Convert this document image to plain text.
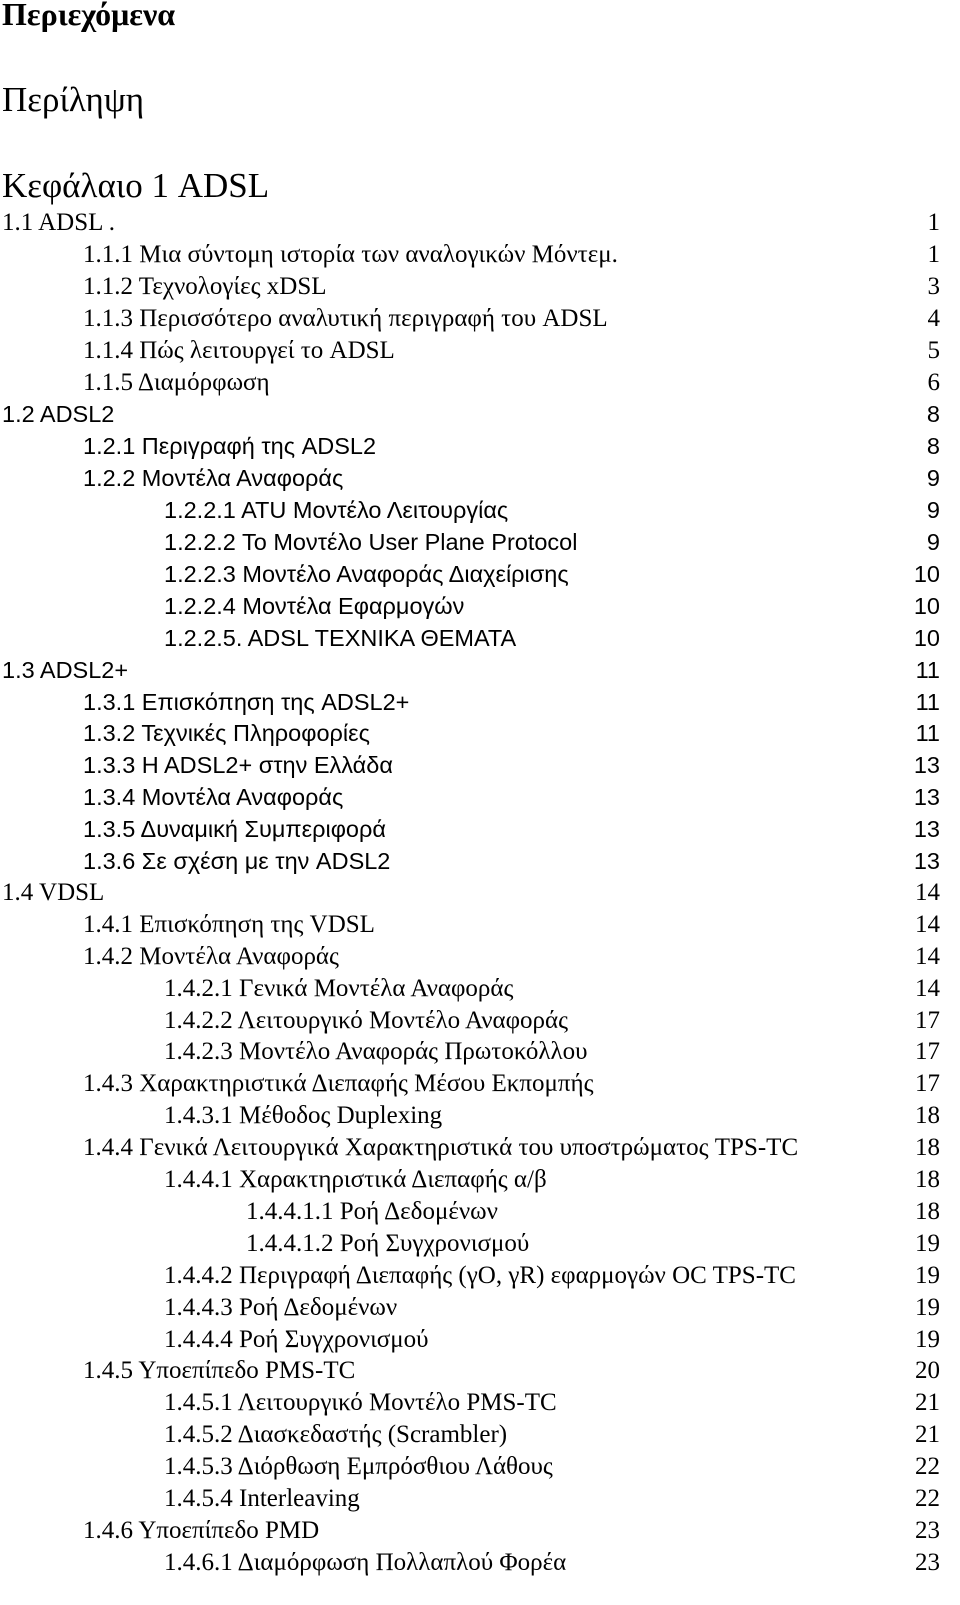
Περιεχόμενα
Περίληψη
Κεφάλαιο 1 ADSL
1.1 ADSL .	1
1.1.1 Μια σύντομη ιστορία των αναλογικών Μόντεμ.	1
1.1.2 Τεχνολογίες xDSL	3
1.1.3 Περισσότερο αναλυτική περιγραφή του ADSL	4
1.1.4 Πώς λειτουργεί το ADSL	5
1.1.5 Διαμόρφωση	6
1.2 ADSL2	8
1.2.1 Περιγραφή της ADSL2	8
1.2.2 Μοντέλα Αναφοράς	9
1.2.2.1 ATU Μοντέλο Λειτουργίας	9
1.2.2.2 Το Μοντέλο User Plane Protocol	9
1.2.2.3 Μοντέλο Αναφοράς Διαχείρισης	10
1.2.2.4 Μοντέλα Εφαρμογών	10
1.2.2.5. ADSL ΤΕΧΝΙΚΑ ΘΕΜΑΤΑ	10
1.3 ADSL2+	11
1.3.1 Επισκόπηση της ADSL2+	11
1.3.2 Τεχνικές Πληροφορίες	11
1.3.3 H ADSL2+ στην Ελλάδα	13
1.3.4 Μοντέλα Αναφοράς	13
1.3.5 Δυναμική Συμπεριφορά	13
1.3.6 Σε σχέση με την ADSL2	13
1.4 VDSL	14
1.4.1 Επισκόπηση της VDSL	14
1.4.2 Μοντέλα Αναφοράς	14
1.4.2.1 Γενικά Μοντέλα Αναφοράς	14
1.4.2.2 Λειτουργικό Μοντέλο Αναφοράς	17
1.4.2.3 Μοντέλο Αναφοράς Πρωτοκόλλου	17
1.4.3 Χαρακτηριστικά Διεπαφής Μέσου Εκπομπής	17
1.4.3.1 Μέθοδος Duplexing	18
1.4.4 Γενικά Λειτουργικά Χαρακτηριστικά του υποστρώματος TPS-TC	18
1.4.4.1 Χαρακτηριστικά Διεπαφής α/β	18
1.4.4.1.1 Ροή Δεδομένων	18
1.4.4.1.2 Ροή Συγχρονισμού	19
1.4.4.2 Περιγραφή Διεπαφής (γO, γR) εφαρμογών OC TPS-TC	19
1.4.4.3 Ροή Δεδομένων	19
1.4.4.4 Ροή Συγχρονισμού	19
1.4.5 Υποεπίπεδο PMS-TC	20
1.4.5.1 Λειτουργικό Μοντέλο PMS-TC	21
1.4.5.2 Διασκεδαστής (Scrambler)	21
1.4.5.3 Διόρθωση Εμπρόσθιου Λάθους	22
1.4.5.4 Interleaving	22
1.4.6 Υποεπίπεδο PMD	23
1.4.6.1 Διαμόρφωση Πολλαπλού Φορέα	23
